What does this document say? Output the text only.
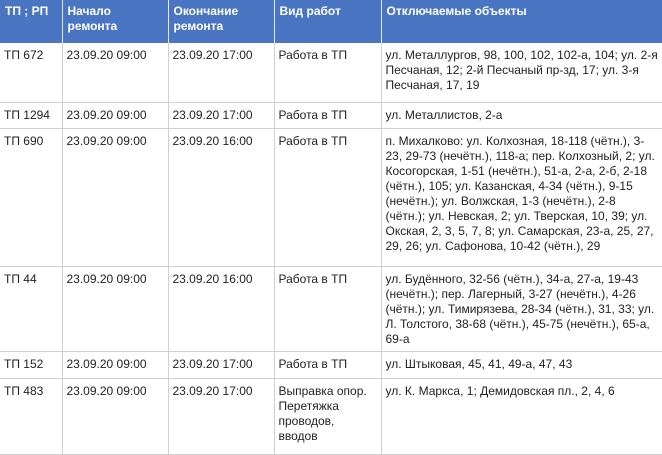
ТП ; РП	Начало ремонта	Окончание ремонта	Вид работ	Отключаемые объекты
ТП 672	23.09.20 09:00	23.09.20 17:00	Работа в ТП	ул. Металлургов, 98, 100, 102, 102-а, 104; ул. 2-я Песчаная, 12; 2-й Песчаный пр-зд, 17; ул. 3-я Песчаная, 17, 19
ТП 1294	23.09.20 09:00	23.09.20 17:00	Работа в ТП	ул. Металлистов, 2-а
ТП 690	23.09.20 09:00	23.09.20 16:00	Работа в ТП	п. Михалково: ул. Колхозная, 18-118 (чётн.), 3-23, 29-73 (нечётн.), 118-а; пер. Колхозный, 2; ул. Косогорская, 1-51 (нечётн.), 51-а, 2-а, 2-б, 2-18 (чётн.), 105; ул. Казанская, 4-34 (чётн.), 9-15 (нечётн.); ул. Волжская, 1-3 (нечётн.), 2-8 (чётн.); ул. Невская, 2; ул. Тверская, 10, 39; ул. Окская, 2, 3, 5, 7, 8; ул. Самарская, 23-а, 25, 27, 29, 26; ул. Сафонова, 10-42 (чётн.), 29
ТП 44	23.09.20 09:00	23.09.20 16:00	Работа в ТП	ул. Будённого, 32-56 (чётн.), 34-а, 27-а, 19-43 (нечётн.); пер. Лагерный, 3-27 (нечётн.), 4-26 (чётн.); ул. Тимирязева, 28-34 (чётн.), 31, 33; ул. Л. Толстого, 38-68 (чётн.), 45-75 (нечётн.), 65-а, 69-а
ТП 152	23.09.20 09:00	23.09.20 17:00	Работа в ТП	ул. Штыковая, 45, 41, 49-а, 47, 43
ТП 483	23.09.20 09:00	23.09.20 17:00	Выправка опор. Перетяжка проводов, вводов	ул. К. Маркса, 1; Демидовская пл., 2, 4, 6
